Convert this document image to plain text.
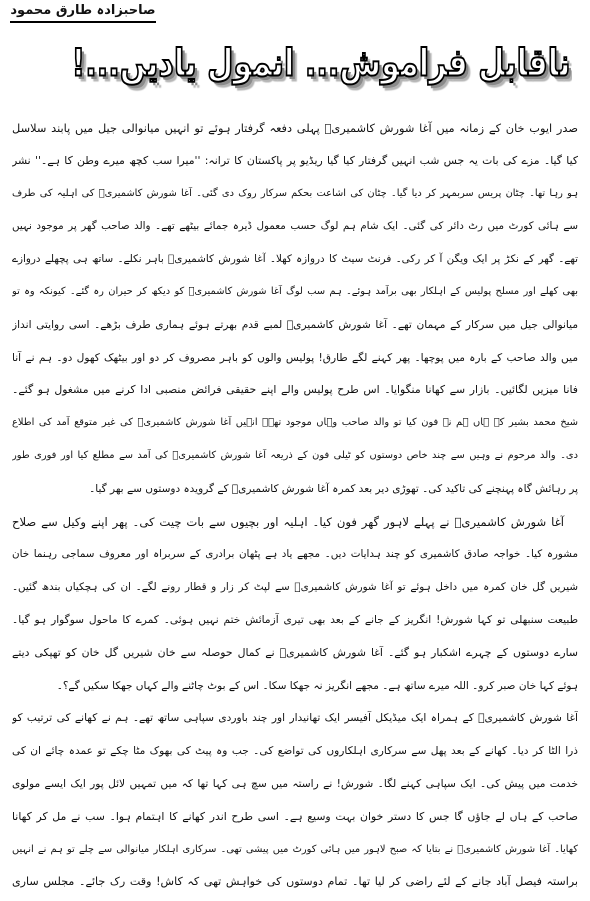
صاحبزادہ طارق محمود
ناقابل فراموش... انمول یادیں...!
صدر ایوب خان کے زمانہ میں آغا شورش کاشمیریؒ پہلی دفعہ گرفتار ہوئے تو انہیں میانوالی جیل میں پابند سلاسل
کیا گیا۔ مزے کی بات یہ جس شب انہیں گرفتار کیا گیا ریڈیو پر پاکستان کا ترانہ: ''میرا سب کچھ میرے وطن کا ہے۔'' نشر
ہو رہا تھا۔ چٹان پریس سربمہر کر دیا گیا۔ چٹان کی اشاعت بحکم سرکار روک دی گئی۔ آغا شورش کاشمیریؒ کی اہلیہ کی طرف
سے ہائی کورٹ میں رٹ دائر کی گئی۔ ایک شام ہم لوگ حسب معمول ڈیرہ جمائے بیٹھے تھے۔ والد صاحب گھر پر موجود نہیں
تھے۔ گھر کے نکڑ پر ایک ویگن آ کر رکی۔ فرنٹ سیٹ کا دروازہ کھلا۔ آغا شورش کاشمیریؒ باہر نکلے۔ ساتھ ہی پچھلے دروازے
بھی کھلے اور مسلح پولیس کے اہلکار بھی برآمد ہوئے۔ ہم سب لوگ آغا شورش کاشمیریؒ کو دیکھ کر حیران رہ گئے۔ کیونکہ وہ تو
میانوالی جیل میں سرکار کے مہمان تھے۔ آغا شورش کاشمیریؒ لمبے قدم بھرتے ہوئے ہماری طرف بڑھے۔ اسی روایتی انداز
میں والد صاحب کے بارہ میں پوچھا۔ پھر کہنے لگے طارق! پولیس والوں کو باہر مصروف کر دو اور بیٹھک کھول دو۔ ہم نے آنا
فانا میزیں لگائیں۔ بازار سے کھانا منگوایا۔ اس طرح پولیس والے اپنے حقیقی فرائض منصبی ادا کرنے میں مشغول ہو گئے۔
شیخ محمد بشیر کے ہاں ہم نے فون کیا تو والد صاحب وہاں موجود تھے۔ انہیں آغا شورش کاشمیریؒ کی غیر متوقع آمد کی اطلاع
دی۔ والد مرحوم نے وہیں سے چند خاص دوستوں کو ٹیلی فون کے ذریعہ آغا شورش کاشمیریؒ کی آمد سے مطلع کیا اور فوری طور
پر رہائش گاہ پہنچنے کی تاکید کی۔ تھوڑی دیر بعد کمرہ آغا شورش کاشمیریؒ کے گرویدہ دوستوں سے بھر گیا۔
آغا شورش کاشمیریؒ نے پہلے لاہور گھر فون کیا۔ اہلیہ اور بچیوں سے بات چیت کی۔ پھر اپنے وکیل سے صلاح
مشورہ کیا۔ خواجہ صادق کاشمیری کو چند ہدایات دیں۔ مجھے یاد ہے پٹھان برادری کے سربراہ اور معروف سماجی رہنما خان
شیریں گل خان کمرہ میں داخل ہوئے تو آغا شورش کاشمیریؒ سے لپٹ کر زار و قطار رونے لگے۔ ان کی ہچکیاں بندھ گئیں۔
طبیعت سنبھلی تو کہا شورش! انگریز کے جانے کے بعد بھی تیری آزمائش ختم نہیں ہوئی۔ کمرے کا ماحول سوگوار ہو گیا۔
سارے دوستوں کے چہرے اشکبار ہو گئے۔ آغا شورش کاشمیریؒ نے کمال حوصلہ سے خان شیریں گل خان کو تھپکی دیتے
ہوئے کہا خان صبر کرو۔ اللہ میرے ساتھ ہے۔ مجھے انگریز نہ جھکا سکا۔ اس کے بوٹ چاٹنے والے کہاں جھکا سکیں گے؟۔
آغا شورش کاشمیریؒ کے ہمراہ ایک میڈیکل آفیسر ایک تھانیدار اور چند باوردی سپاہی ساتھ تھے۔ ہم نے کھانے کی ترتیب کو
ذرا الٹا کر دیا۔ کھانے کے بعد پھل سے سرکاری اہلکاروں کی تواضع کی۔ جب وہ پیٹ کی بھوک مٹا چکے تو عمدہ چائے ان کی
خدمت میں پیش کی۔ ایک سپاہی کہنے لگا۔ شورش! نے راستہ میں سچ ہی کہا تھا کہ میں تمہیں لائل پور ایک ایسے مولوی
صاحب کے ہاں لے جاؤں گا جس کا دستر خوان بہت وسیع ہے۔ اسی طرح اندر کھانے کا اہتمام ہوا۔ سب نے مل کر کھانا
کھایا۔ آغا شورش کاشمیریؒ نے بتایا کہ صبح لاہور میں ہائی کورٹ میں پیشی تھی۔ سرکاری اہلکار میانوالی سے چلے تو ہم نے انہیں
براستہ فیصل آباد جانے کے لئے راضی کر لیا تھا۔ تمام دوستوں کی خواہش تھی کہ کاش! وقت رک جائے۔ مجلس ساری
